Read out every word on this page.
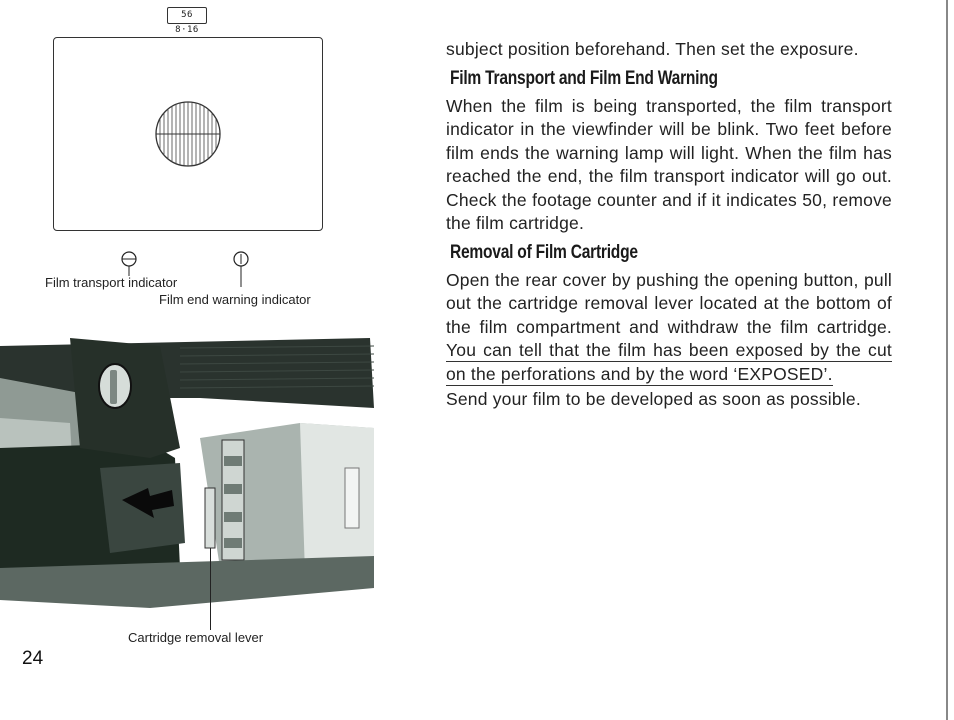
56 8·16
Film transport indicator
Film end warning indicator
Cartridge removal lever
24

subject position beforehand. Then set the exposure.

Film Transport and Film End Warning

When the film is being transported, the film transport indicator in the viewfinder will be blink. Two feet before film ends the warning lamp will light. When the film has reached the end, the film transport indicator will go out. Check the footage counter and if it indicates 50, remove the film cartridge.

Removal of Film Cartridge

Open the rear cover by pushing the opening button, pull out the cartridge removal lever located at the bottom of the film compartment and withdraw the film cartridge. You can tell that the film has been exposed by the cut on the perforations and by the word ‘EXPOSED’.

Send your film to be developed as soon as possible.
